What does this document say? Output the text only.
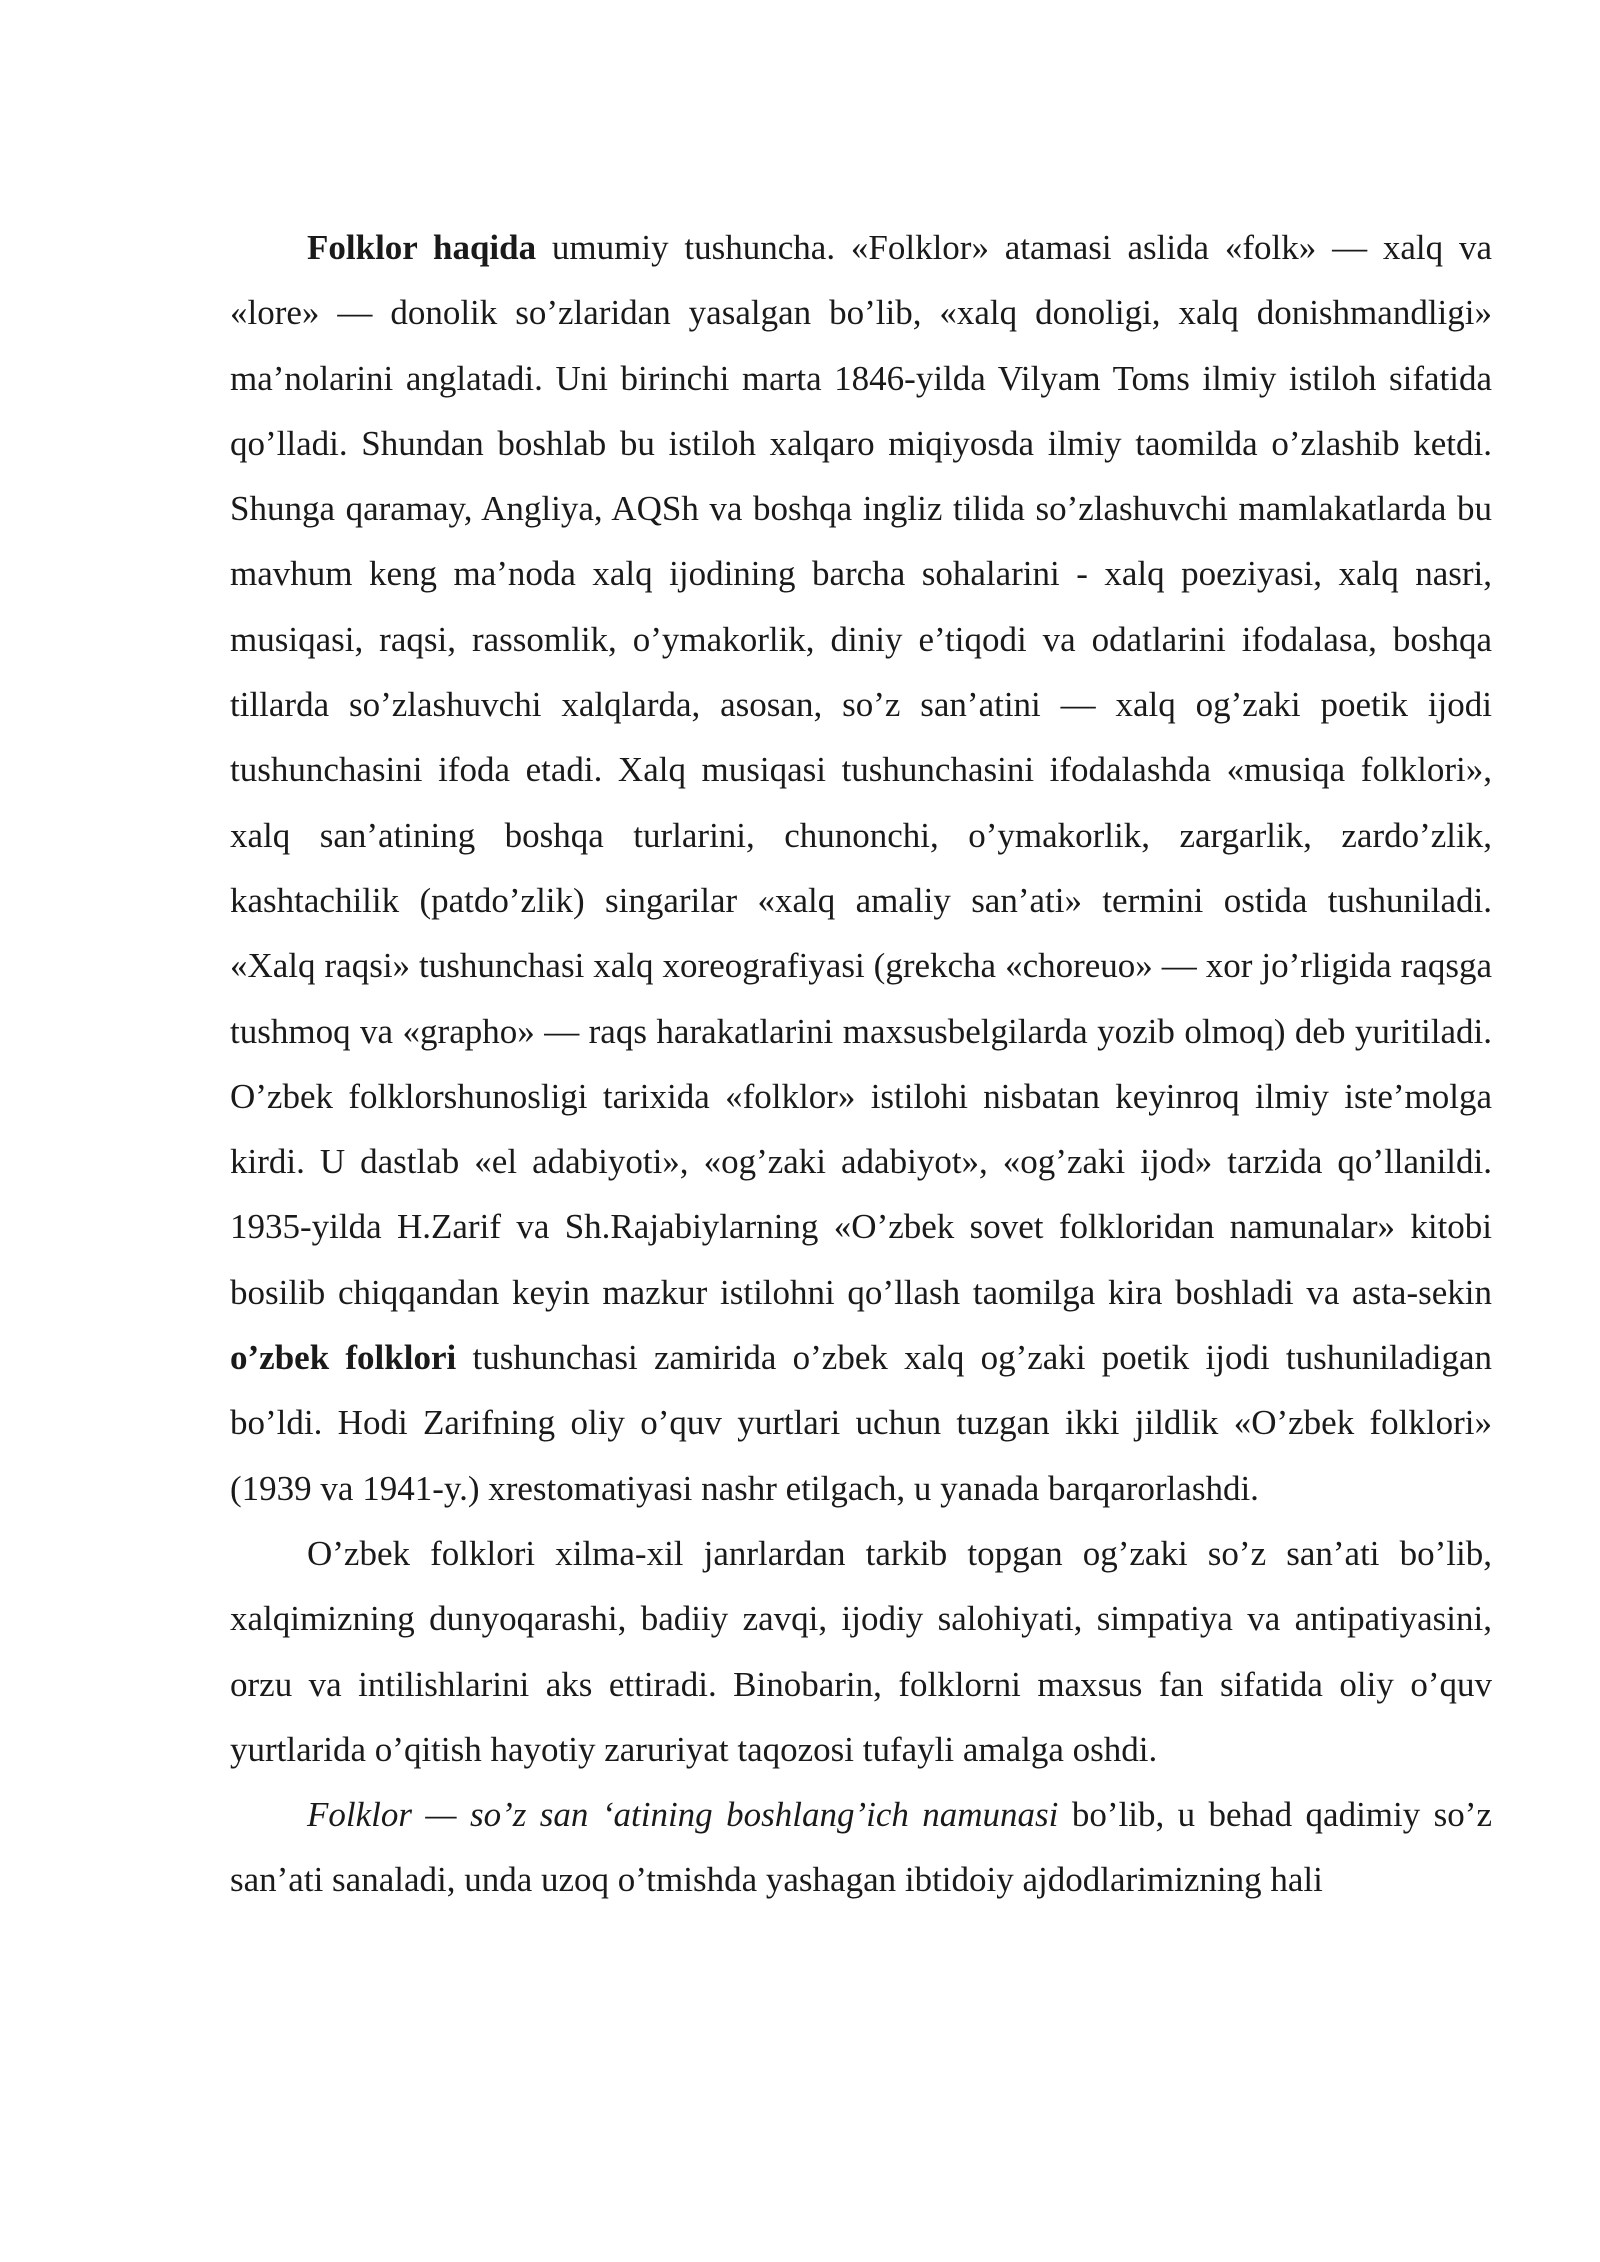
Folklor haqida umumiy tushuncha. «Folklor» atamasi aslida «folk» — xalq va «lore» — donolik so’zlaridan yasalgan bo’lib, «xalq donoligi, xalq donishmandligi» ma’nolarini anglatadi. Uni birinchi marta 1846-yilda Vilyam Toms ilmiy istiloh sifatida qo’lladi. Shundan boshlab bu istiloh xalqaro miqiyosda ilmiy taomilda o’zlashib ketdi. Shunga qaramay, Angliya, AQSh va boshqa ingliz tilida so’zlashuvchi mamlakatlarda bu mavhum keng ma’noda xalq ijodining barcha sohalarini - xalq poeziyasi, xalq nasri, musiqasi, raqsi, rassomlik, o’ymakorlik, diniy e’tiqodi va odatlarini ifodalasa, boshqa tillarda so’zlashuvchi xalqlarda, asosan, so’z san’atini — xalq og’zaki poetik ijodi tushunchasini ifoda etadi. Xalq musiqasi tushunchasini ifodalashda «musiqa folklori», xalq san’atining boshqa turlarini, chunonchi, o’ymakorlik, zargarlik, zardo’zlik, kashtachilik (patdo’zlik) singarilar «xalq amaliy san’ati» termini ostida tushuniladi. «Xalq raqsi» tushunchasi xalq xoreografiyasi (grekcha «choreuo» — xor jo’rligida raqsga tushmoq va «grapho» — raqs harakatlarini maxsusbelgilarda yozib olmoq) deb yuritiladi. O’zbek folklorshunosligi tarixida «folklor» istilohi nisbatan keyinroq ilmiy iste’molga kirdi. U dastlab «el adabiyoti», «og’zaki adabiyot», «og’zaki ijod» tarzida qo’llanildi. 1935-yilda H.Zarif va Sh.Rajabiylarning «O’zbek sovet folkloridan namunalar» kitobi bosilib chiqqandan keyin mazkur istilohni qo’llash taomilga kira boshladi va asta-sekin o’zbek folklori tushunchasi zamirida o’zbek xalq og’zaki poetik ijodi tushuniladigan bo’ldi. Hodi Zarifning oliy o’quv yurtlari uchun tuzgan ikki jildlik «O’zbek folklori» (1939 va 1941-y.) xrestomatiyasi nashr etilgach, u yanada barqarorlashdi.

O’zbek folklori xilma-xil janrlardan tarkib topgan og’zaki so’z san’ati bo’lib, xalqimizning dunyoqarashi, badiiy zavqi, ijodiy salohiyati, simpatiya va antipatiyasini, orzu va intilishlarini aks ettiradi. Binobarin, folklorni maxsus fan sifatida oliy o’quv yurtlarida o’qitish hayotiy zaruriyat taqozosi tufayli amalga oshdi.

Folklor — so’z san ‘atining boshlang’ich namunasi bo’lib, u behad qadimiy so’z san’ati sanaladi, unda uzoq o’tmishda yashagan ibtidoiy ajdodlarimizning hali
